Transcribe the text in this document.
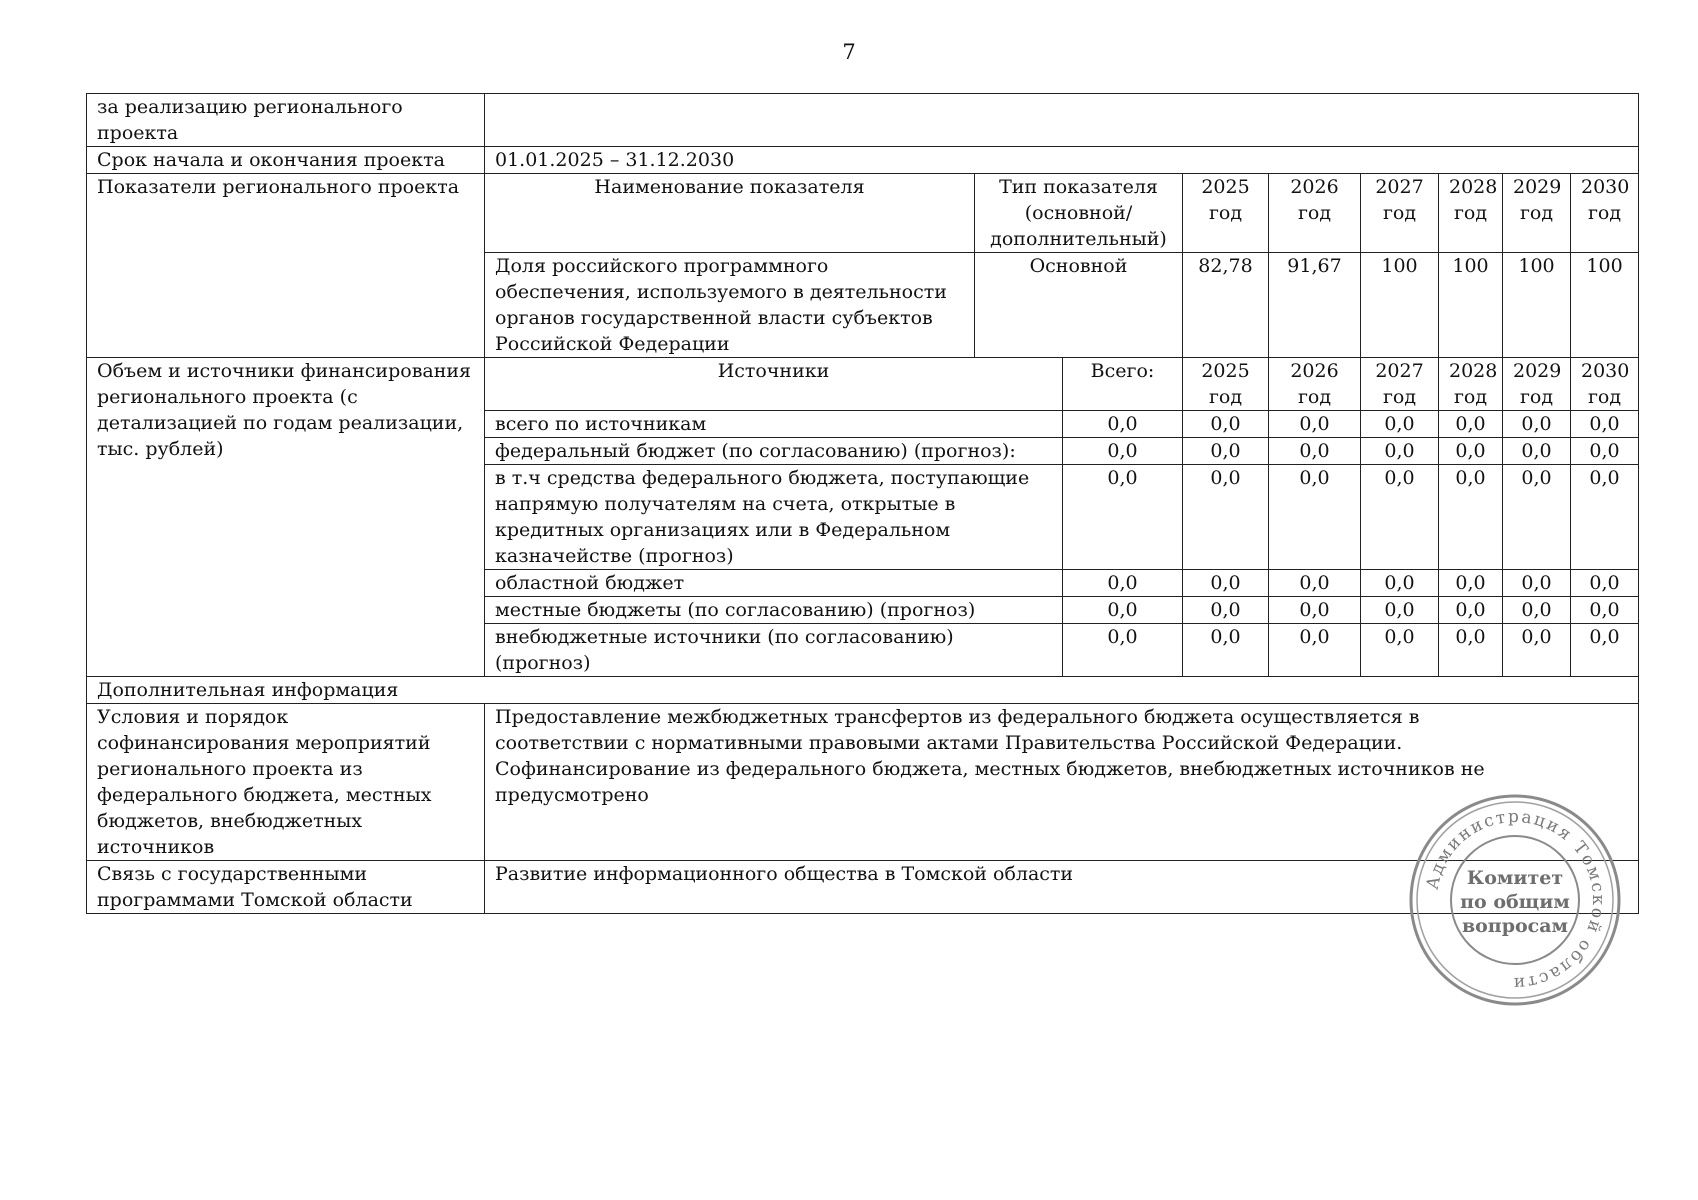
7
за реализацию регионального проекта									
Срок начала и окончания проекта	01.01.2025 – 31.12.2030								
Показатели регионального проекта	Наименование показателя	Тип показателя (основной/ дополнительный)		2025 год	2026 год	2027 год	2028 год	2029 год	2030 год
	Доля российского программного обеспечения, используемого в деятельности органов государственной власти субъектов Российской Федерации	Основной		82,78	91,67	100	100	100	100
Объем и источники финансирования регионального проекта (с детализацией по годам реализации, тыс. рублей)	Источники		Всего:	2025 год	2026 год	2027 год	2028 год	2029 год	2030 год
	всего по источникам		0,0	0,0	0,0	0,0	0,0	0,0	0,0
	федеральный бюджет (по согласованию) (прогноз):		0,0	0,0	0,0	0,0	0,0	0,0	0,0
	в т.ч средства федерального бюджета, поступающие напрямую получателям на счета, открытые в кредитных организациях или в Федеральном казначействе (прогноз)		0,0	0,0	0,0	0,0	0,0	0,0	0,0
	областной бюджет		0,0	0,0	0,0	0,0	0,0	0,0	0,0
	местные бюджеты (по согласованию) (прогноз)		0,0	0,0	0,0	0,0	0,0	0,0	0,0
	внебюджетные источники (по согласованию) (прогноз)		0,0	0,0	0,0	0,0	0,0	0,0	0,0
Дополнительная информация									
Условия и порядок софинансирования мероприятий регионального проекта из федерального бюджета, местных бюджетов, внебюджетных источников	Предоставление межбюджетных трансфертов из федерального бюджета осуществляется в соответствии с нормативными правовыми актами Правительства Российской Федерации.
Софинансирование из федерального бюджета, местных бюджетов, внебюджетных источников не предусмотрено								

Связь с государственными программами Томской области	Развитие информационного общества в Томской области									Администрация Томской области
Комитет
по общим
вопросам
